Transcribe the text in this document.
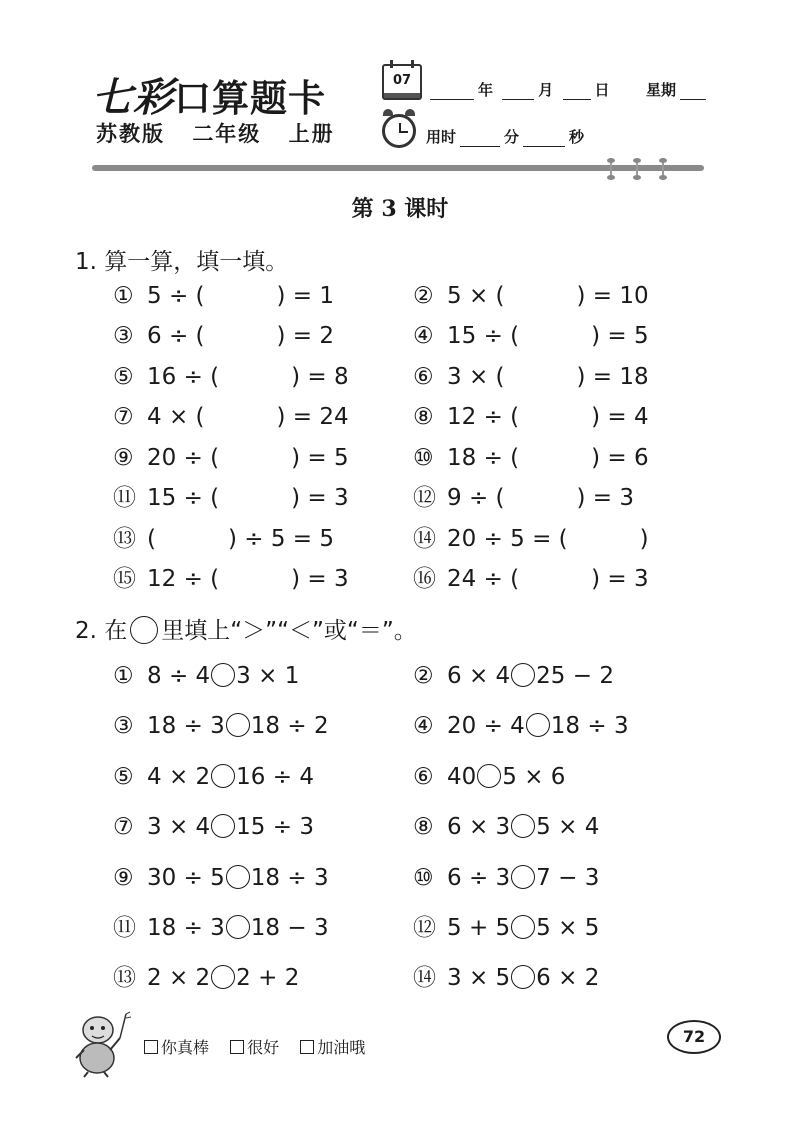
七彩口算题卡
苏教版 二年级 上册
07
年	月	日 星期
用时	分	秒
第 3 课时
1. 算一算，填一填。
① 5 ÷ (	) = 1
③ 6 ÷ (	) = 2
⑤ 16 ÷ (	) = 8
⑦ 4 × (	) = 24
⑨ 20 ÷ (	) = 5
⑪ 15 ÷ (	) = 3
⑬ (	) ÷ 5 = 5
⑮ 12 ÷ (	) = 3
② 5 × (	) = 10
④ 15 ÷ (	) = 5
⑥ 3 × (	) = 18
⑧ 12 ÷ (	) = 4
⑩ 18 ÷ (	) = 6
⑫ 9 ÷ (	) = 3
⑭ 20 ÷ 5 = (	)
⑯ 24 ÷ (	) = 3
2. 在 里填上“＞”“＜”或“＝”。
① 8 ÷ 4 3 × 1
③ 18 ÷ 3 18 ÷ 2
⑤ 4 × 2 16 ÷ 4
⑦ 3 × 4 15 ÷ 3
⑨ 30 ÷ 5 18 ÷ 3
⑪ 18 ÷ 3 18 − 3
⑬ 2 × 2 2 + 2
② 6 × 4 25 − 2
④ 20 ÷ 4 18 ÷ 3
⑥ 40 5 × 6
⑧ 6 × 3 5 × 4
⑩ 6 ÷ 3 7 − 3
⑫ 5 + 5 5 × 5
⑭ 3 × 5 6 × 2
你真棒 很好 加油哦
72
